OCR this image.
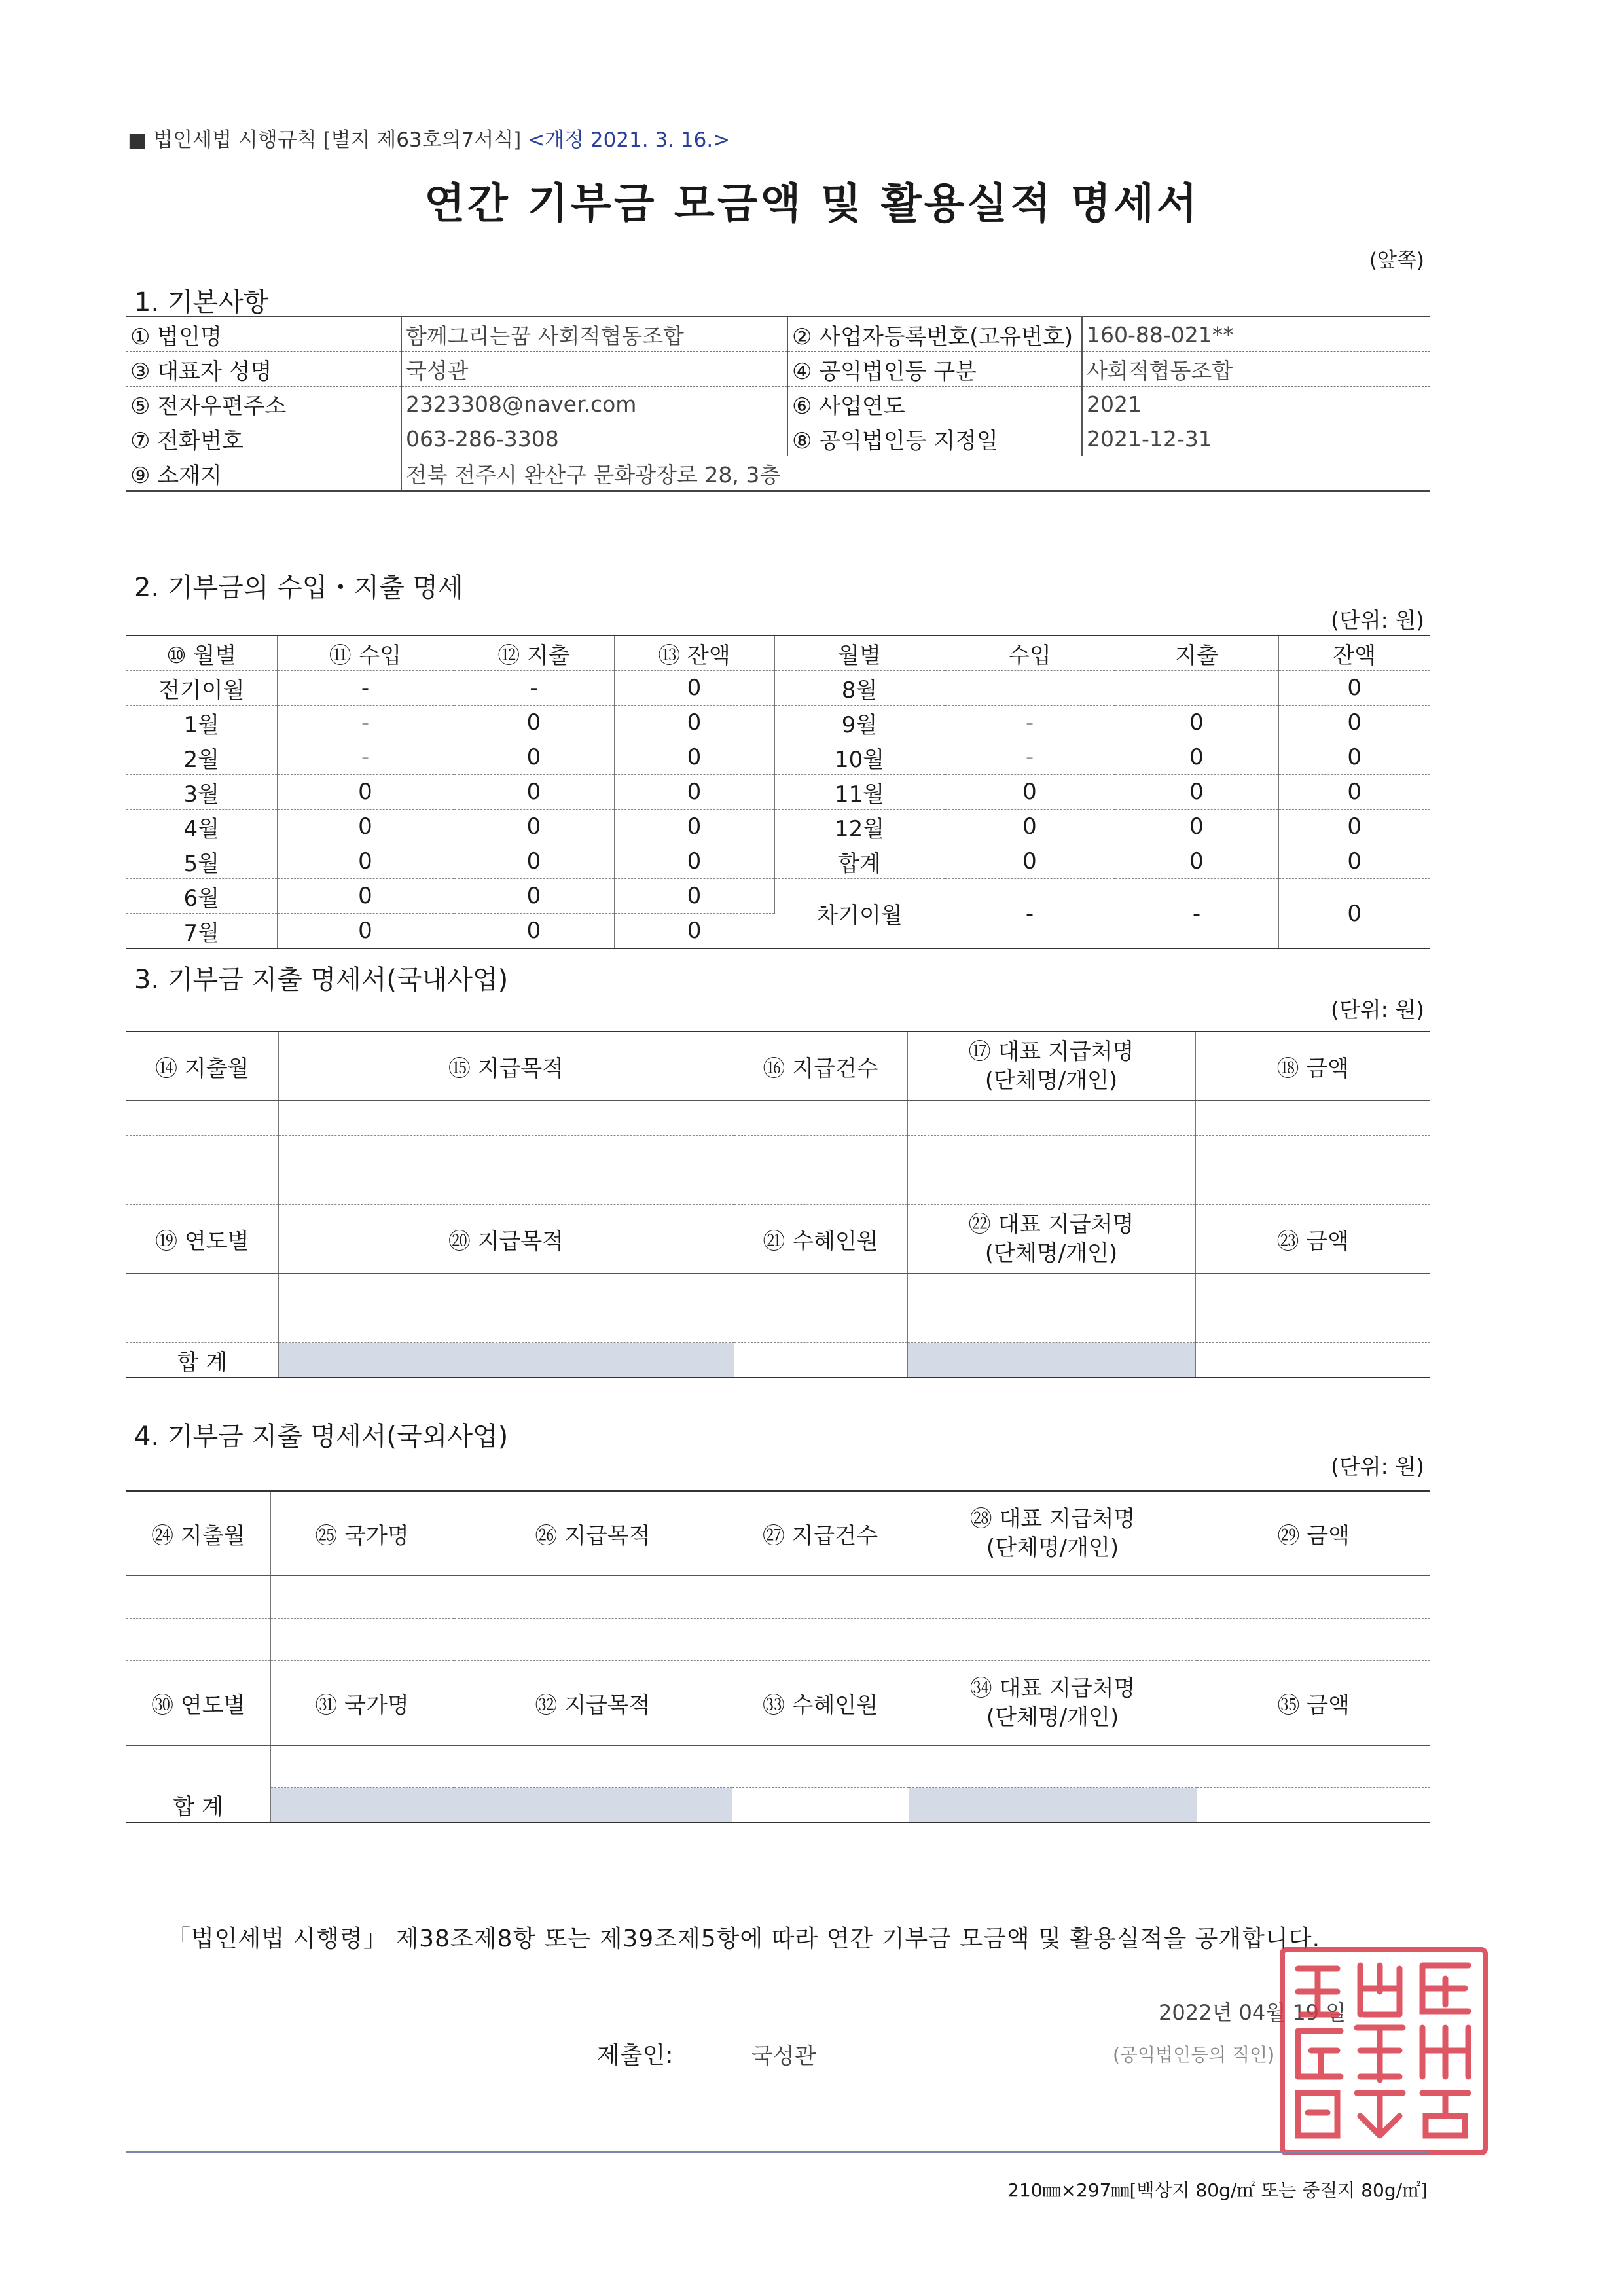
■ 법인세법 시행규칙 [별지 제63호의7서식] <개정 2021. 3. 16.>
연간 기부금 모금액 및 활용실적 명세서
(앞쪽)
1. 기본사항
① 법인명	함께그리는꿈 사회적협동조합	② 사업자등록번호(고유번호)	160-88-021**
③ 대표자 성명	국성관	④ 공익법인등 구분	사회적협동조합
⑤ 전자우편주소	2323308@naver.com	⑥ 사업연도	2021
⑦ 전화번호	063-286-3308	⑧ 공익법인등 지정일	2021-12-31
⑨ 소재지	전북 전주시 완산구 문화광장로 28, 3층		
2. 기부금의 수입・지출 명세
(단위: 원)
⑩ 월별	⑪ 수입	⑫ 지출	⑬ 잔액	월별	수입	지출	잔액
전기이월	-	-	0	8월			0
1월	-	0	0	9월	-	0	0
2월	-	0	0	10월	-	0	0
3월	0	0	0	11월	0	0	0
4월	0	0	0	12월	0	0	0
5월	0	0	0	합계	0	0	0
6월	0	0	0	차기이월	-	-	0
7월	0	0	0				
3. 기부금 지출 명세서(국내사업)
(단위: 원)
⑭ 지출월	⑮ 지급목적	⑯ 지급건수	⑰ 대표 지급처명
(단체명/개인)	⑱ 금액

⑲ 연도별	⑳ 지급목적	㉑ 수혜인원	㉒ 대표 지급처명
(단체명/개인)	㉓ 금액

합 계				
4. 기부금 지출 명세서(국외사업)
(단위: 원)
㉔ 지출월	㉕ 국가명	㉖ 지급목적	㉗ 지급건수	㉘ 대표 지급처명
(단체명/개인)	㉙ 금액

㉚ 연도별	㉛ 국가명	㉜ 지급목적	㉝ 수혜인원	㉞ 대표 지급처명
(단체명/개인)	㉟ 금액

합 계					
「법인세법 시행령」 제38조제8항 또는 제39조제5항에 따라 연간 기부금 모금액 및 활용실적을 공개합니다.
2022년 04월 19 일
제출인:	국성관	(공익법인등의 직인)
210㎜×297㎜[백상지 80g/㎡ 또는 중질지 80g/㎡]
